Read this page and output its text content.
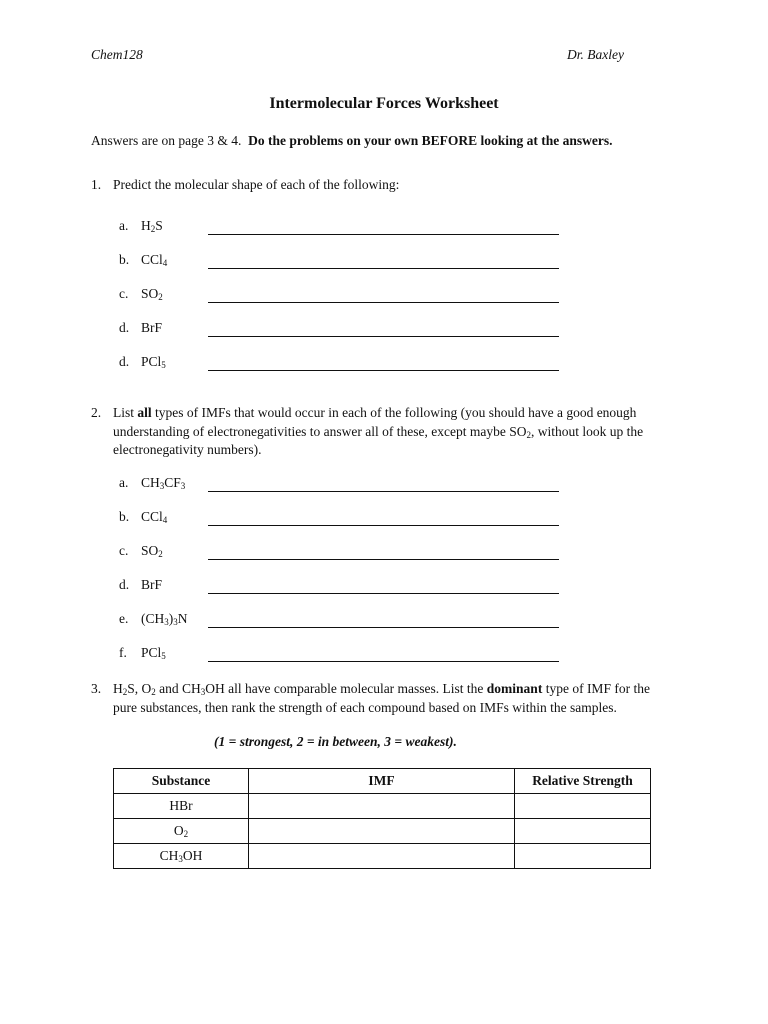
Chem128	Dr. Baxley
Intermolecular Forces Worksheet
Answers are on page 3 & 4. Do the problems on your own BEFORE looking at the answers.
1. Predict the molecular shape of each of the following:
a. $H_2S$
b. CCl$_4$
c. $SO_2$
d. BrF
d. PCl$_5$
2. List all types of IMFs that would occur in each of the following (you should have a good enough understanding of electronegativities to answer all of these, except maybe $SO_2$, without look up the electronegativity numbers).
a. $CH_3CF_3$
b. CCl$_4$
c. $SO_2$
d. BrF
e. $(CH_3)_3N$
f. PCl$_5$
3. $H_2S$, $O_2$ and $CH_3OH$ all have comparable molecular masses. List the dominant type of IMF for the pure substances, then rank the strength of each compound based on IMFs within the samples.
(1 = strongest, 2 = in between, 3 = weakest).
Substance	IMF	Relative Strength
HBr		
$O_2$		
$CH_3OH$		
